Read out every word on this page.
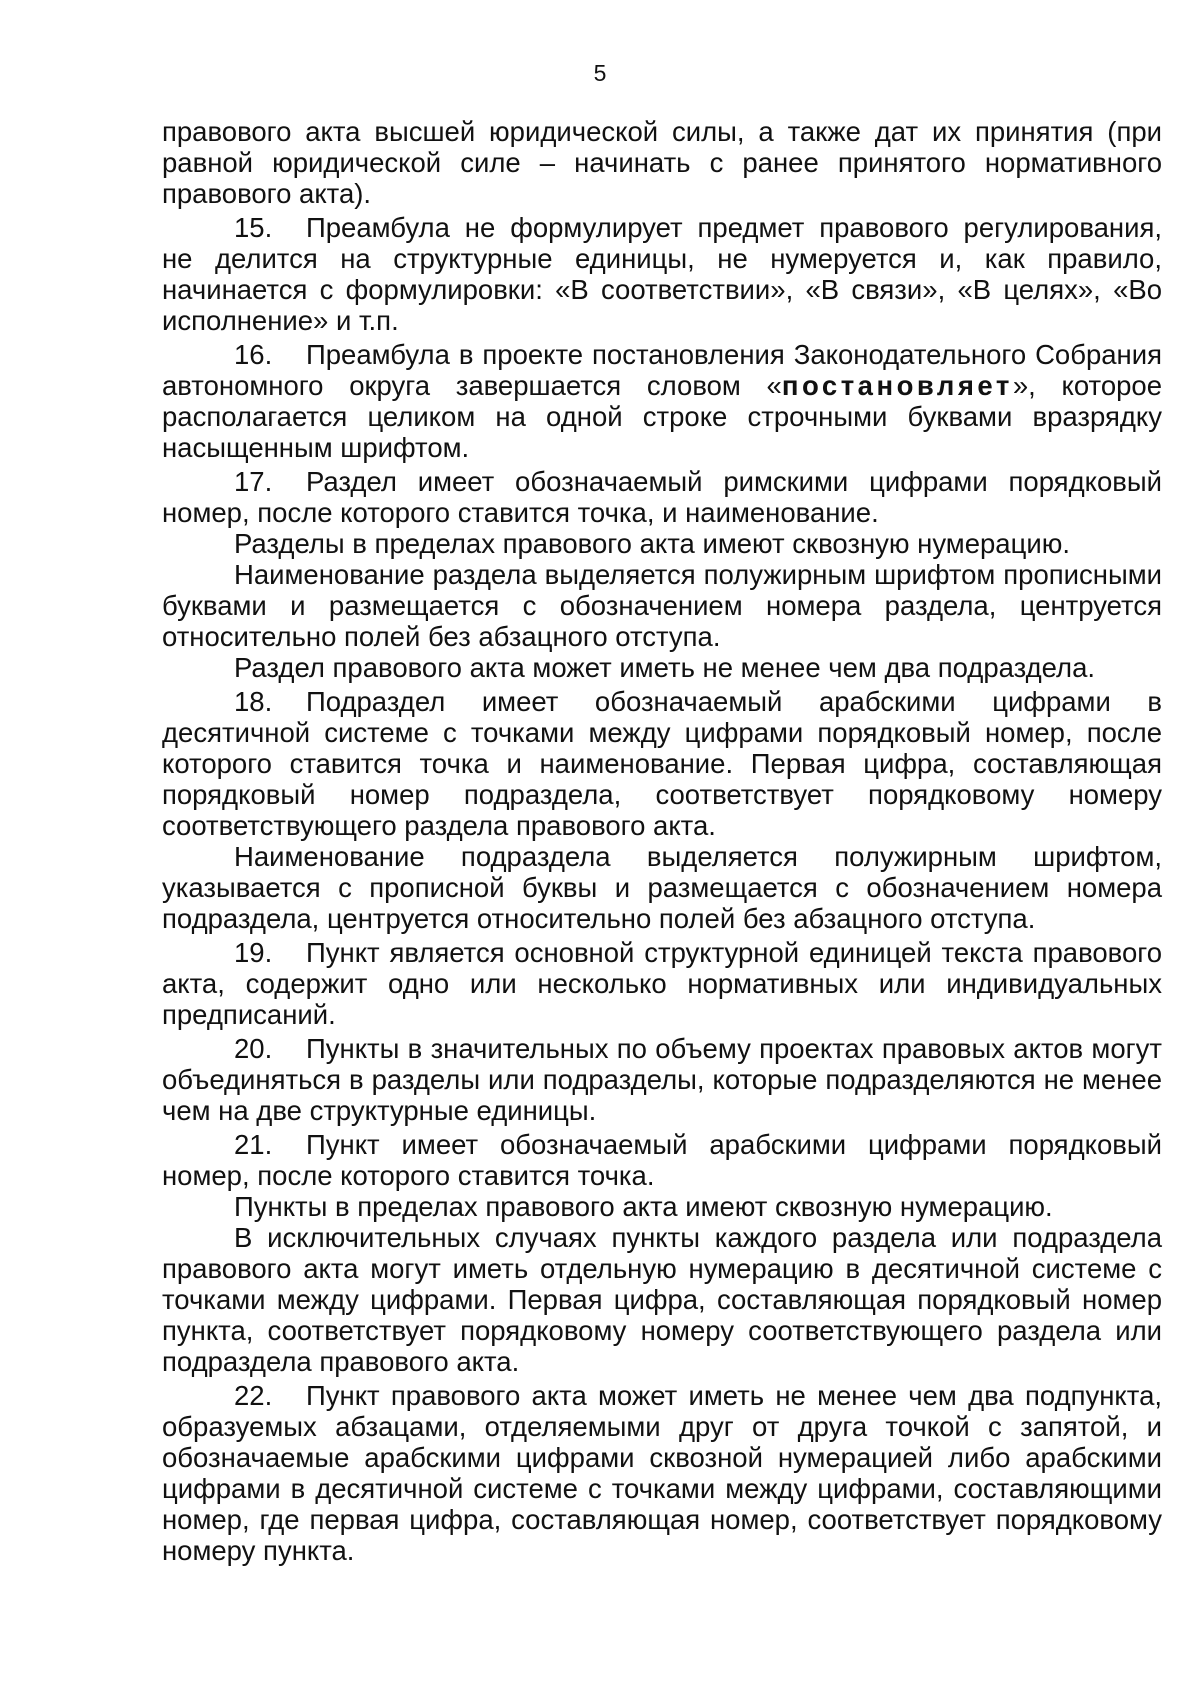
5

правового акта высшей юридической силы, а также дат их принятия (при равной юридической силе – начинать с ранее принятого нормативного правового акта).

15. Преамбула не формулирует предмет правового регулирования, не делится на структурные единицы, не нумеруется и, как правило, начинается с формулировки: «В соответствии», «В связи», «В целях», «Во исполнение» и т.п.

16. Преамбула в проекте постановления Законодательного Собрания автономного округа завершается словом «постановляет», которое располагается целиком на одной строке строчными буквами вразрядку насыщенным шрифтом.

17. Раздел имеет обозначаемый римскими цифрами порядковый номер, после которого ставится точка, и наименование.

Разделы в пределах правового акта имеют сквозную нумерацию.

Наименование раздела выделяется полужирным шрифтом прописными буквами и размещается с обозначением номера раздела, центруется относительно полей без абзацного отступа.

Раздел правового акта может иметь не менее чем два подраздела.

18. Подраздел имеет обозначаемый арабскими цифрами в десятичной системе с точками между цифрами порядковый номер, после которого ставится точка и наименование. Первая цифра, составляющая порядковый номер подраздела, соответствует порядковому номеру соответствующего раздела правового акта.

Наименование подраздела выделяется полужирным шрифтом, указывается с прописной буквы и размещается с обозначением номера подраздела, центруется относительно полей без абзацного отступа.

19. Пункт является основной структурной единицей текста правового акта, содержит одно или несколько нормативных или индивидуальных предписаний.

20. Пункты в значительных по объему проектах правовых актов могут объединяться в разделы или подразделы, которые подразделяются не менее чем на две структурные единицы.

21. Пункт имеет обозначаемый арабскими цифрами порядковый номер, после которого ставится точка.

Пункты в пределах правового акта имеют сквозную нумерацию.

В исключительных случаях пункты каждого раздела или подраздела правового акта могут иметь отдельную нумерацию в десятичной системе с точками между цифрами. Первая цифра, составляющая порядковый номер пункта, соответствует порядковому номеру соответствующего раздела или подраздела правового акта.

22. Пункт правового акта может иметь не менее чем два подпункта, образуемых абзацами, отделяемыми друг от друга точкой с запятой, и обозначаемые арабскими цифрами сквозной нумерацией либо арабскими цифрами в десятичной системе с точками между цифрами, составляющими номер, где первая цифра, составляющая номер, соответствует порядковому номеру пункта.
